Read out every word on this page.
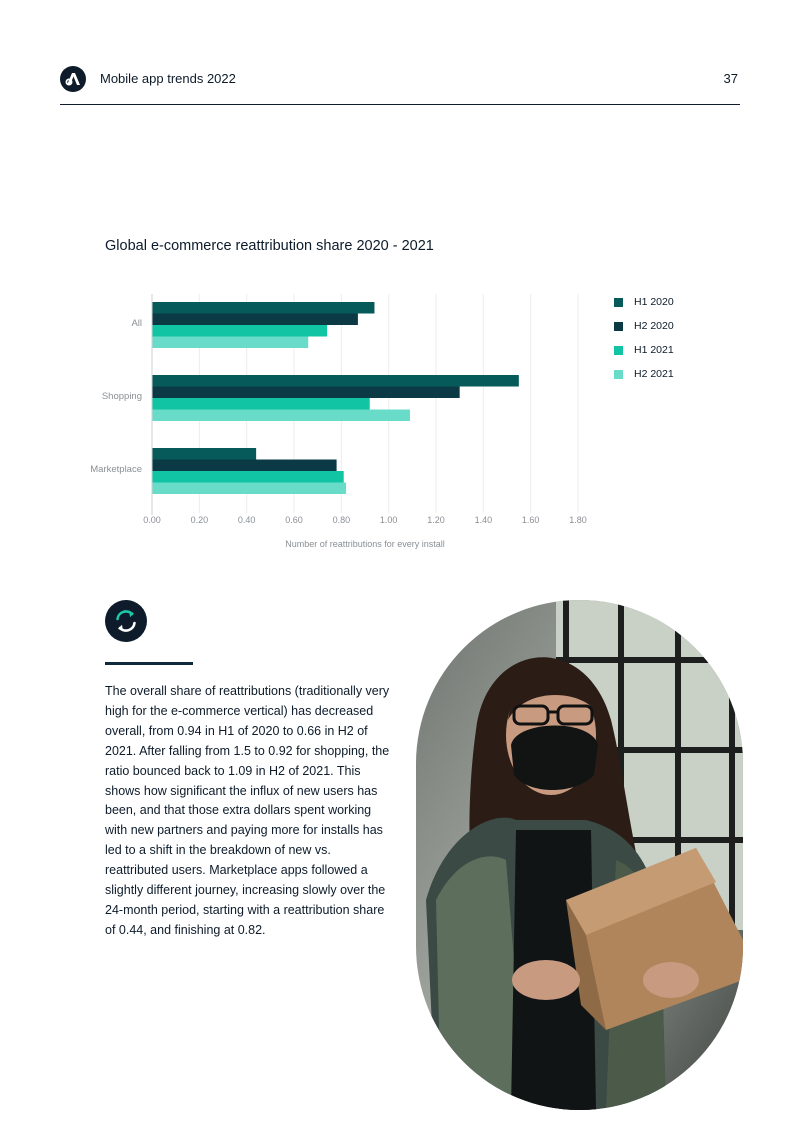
Mobile app trends 2022	37
Global e-commerce reattribution share 2020 - 2021
All
Shopping
Marketplace
0.00	0.20	0.40	0.60	0.80	1.00	1.20	1.40	1.60	1.80
Number of reattributions for every install
H1 2020
H2 2020
H1 2021
H2 2021
The overall share of reattributions (traditionally very high for the e-commerce vertical) has decreased overall, from 0.94 in H1 of 2020 to 0.66 in H2 of 2021. After falling from 1.5 to 0.92 for shopping, the ratio bounced back to 1.09 in H2 of 2021. This shows how significant the influx of new users has been, and that those extra dollars spent working with new partners and paying more for installs has led to a shift in the breakdown of new vs. reattributed users. Marketplace apps followed a slightly different journey, increasing slowly over the 24-month period, starting with a reattribution share of 0.44, and finishing at 0.82.
